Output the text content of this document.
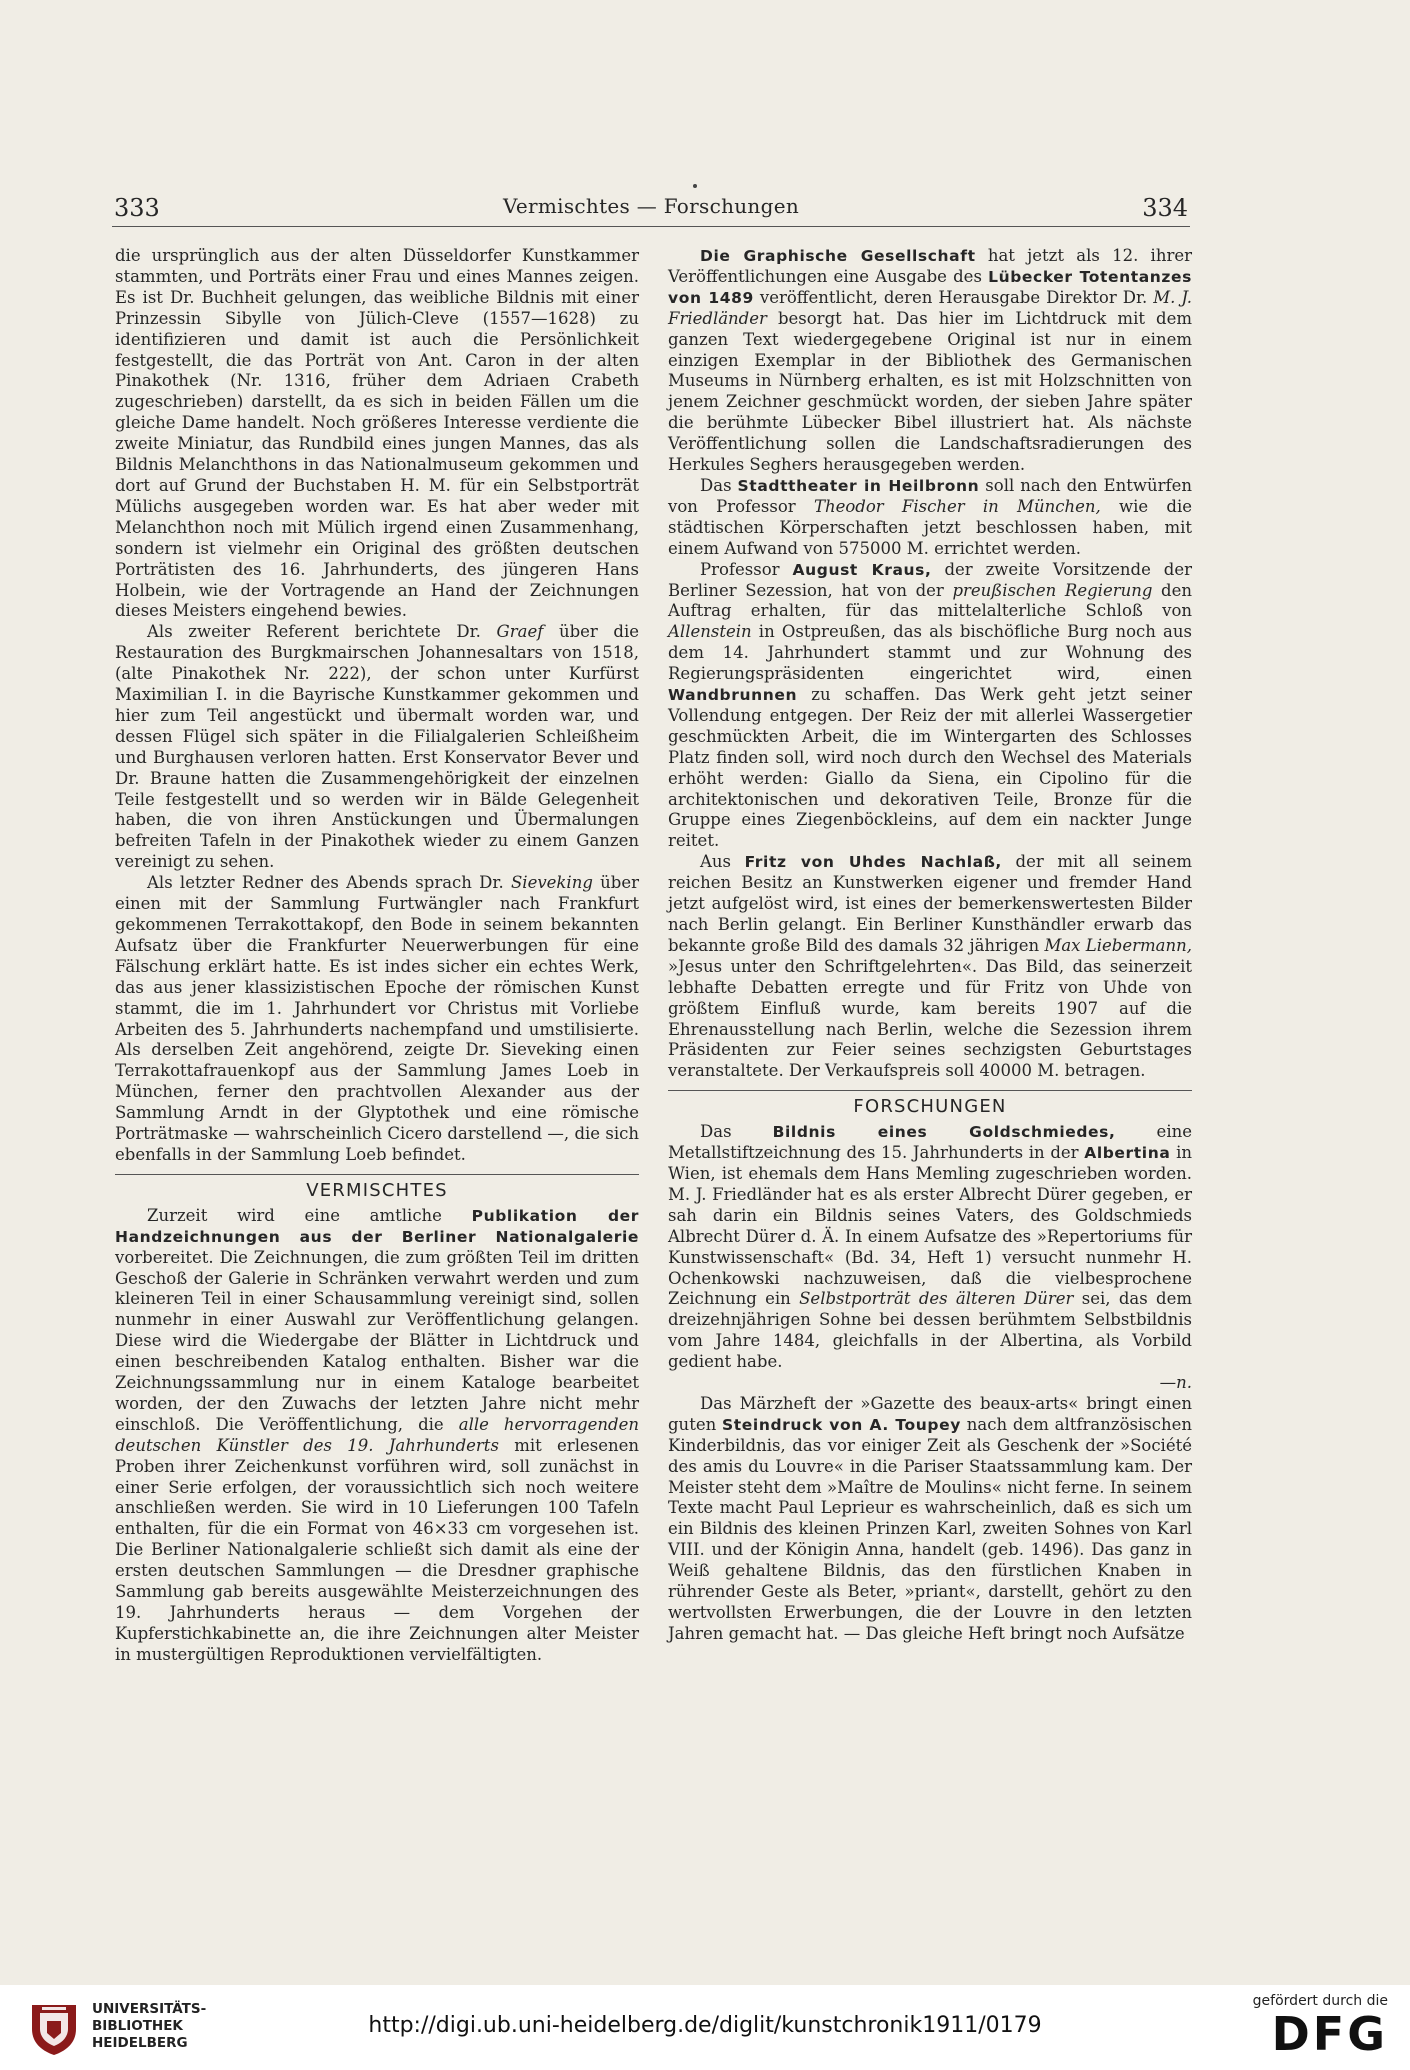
333	Vermischtes — Forschungen	334

die ursprünglich aus der alten Düsseldorfer Kunstkammer stammten, und Porträts einer Frau und eines Mannes zeigen. Es ist Dr. Buchheit gelungen, das weibliche Bildnis mit einer Prinzessin Sibylle von Jülich-Cleve (1557—1628) zu identifizieren und damit ist auch die Persönlichkeit festgestellt, die das Porträt von Ant. Caron in der alten Pinakothek (Nr. 1316, früher dem Adriaen Crabeth zugeschrieben) darstellt, da es sich in beiden Fällen um die gleiche Dame handelt. Noch größeres Interesse verdiente die zweite Miniatur, das Rundbild eines jungen Mannes, das als Bildnis Melanchthons in das Nationalmuseum gekommen und dort auf Grund der Buchstaben H. M. für ein Selbstporträt Mülichs ausgegeben worden war. Es hat aber weder mit Melanchthon noch mit Mülich irgend einen Zusammenhang, sondern ist vielmehr ein Original des größten deutschen Porträtisten des 16. Jahrhunderts, des jüngeren Hans Holbein, wie der Vortragende an Hand der Zeichnungen dieses Meisters eingehend bewies.

Als zweiter Referent berichtete Dr. Graef über die Restauration des Burgkmairschen Johannesaltars von 1518, (alte Pinakothek Nr. 222), der schon unter Kurfürst Maximilian I. in die Bayrische Kunstkammer gekommen und hier zum Teil angestückt und übermalt worden war, und dessen Flügel sich später in die Filialgalerien Schleißheim und Burghausen verloren hatten. Erst Konservator Bever und Dr. Braune hatten die Zusammengehörigkeit der einzelnen Teile festgestellt und so werden wir in Bälde Gelegenheit haben, die von ihren Anstückungen und Übermalungen befreiten Tafeln in der Pinakothek wieder zu einem Ganzen vereinigt zu sehen.

Als letzter Redner des Abends sprach Dr. Sieveking über einen mit der Sammlung Furtwängler nach Frankfurt gekommenen Terrakottakopf, den Bode in seinem bekannten Aufsatz über die Frankfurter Neuerwerbungen für eine Fälschung erklärt hatte. Es ist indes sicher ein echtes Werk, das aus jener klassizistischen Epoche der römischen Kunst stammt, die im 1. Jahrhundert vor Christus mit Vorliebe Arbeiten des 5. Jahrhunderts nachempfand und umstilisierte. Als derselben Zeit angehörend, zeigte Dr. Sieveking einen Terrakottafrauenkopf aus der Sammlung James Loeb in München, ferner den prachtvollen Alexander aus der Sammlung Arndt in der Glyptothek und eine römische Porträtmaske — wahrscheinlich Cicero darstellend —, die sich ebenfalls in der Sammlung Loeb befindet.

VERMISCHTES

Zurzeit wird eine amtliche Publikation der Handzeichnungen aus der Berliner Nationalgalerie vorbereitet. Die Zeichnungen, die zum größten Teil im dritten Geschoß der Galerie in Schränken verwahrt werden und zum kleineren Teil in einer Schausammlung vereinigt sind, sollen nunmehr in einer Auswahl zur Veröffentlichung gelangen. Diese wird die Wiedergabe der Blätter in Lichtdruck und einen beschreibenden Katalog enthalten. Bisher war die Zeichnungssammlung nur in einem Kataloge bearbeitet worden, der den Zuwachs der letzten Jahre nicht mehr einschloß. Die Veröffentlichung, die alle hervorragenden deutschen Künstler des 19. Jahrhunderts mit erlesenen Proben ihrer Zeichenkunst vorführen wird, soll zunächst in einer Serie erfolgen, der voraussichtlich sich noch weitere anschließen werden. Sie wird in 10 Lieferungen 100 Tafeln enthalten, für die ein Format von 46×33 cm vorgesehen ist. Die Berliner Nationalgalerie schließt sich damit als eine der ersten deutschen Sammlungen — die Dresdner graphische Sammlung gab bereits ausgewählte Meisterzeichnungen des 19. Jahrhunderts heraus — dem Vorgehen der Kupferstichkabinette an, die ihre Zeichnungen alter Meister in mustergültigen Reproduktionen vervielfältigten.

Die Graphische Gesellschaft hat jetzt als 12. ihrer Veröffentlichungen eine Ausgabe des Lübecker Totentanzes von 1489 veröffentlicht, deren Herausgabe Direktor Dr. M. J. Friedländer besorgt hat. Das hier im Lichtdruck mit dem ganzen Text wiedergegebene Original ist nur in einem einzigen Exemplar in der Bibliothek des Germanischen Museums in Nürnberg erhalten, es ist mit Holzschnitten von jenem Zeichner geschmückt worden, der sieben Jahre später die berühmte Lübecker Bibel illustriert hat. Als nächste Veröffentlichung sollen die Landschaftsradierungen des Herkules Seghers herausgegeben werden.

Das Stadttheater in Heilbronn soll nach den Entwürfen von Professor Theodor Fischer in München, wie die städtischen Körperschaften jetzt beschlossen haben, mit einem Aufwand von 575000 M. errichtet werden.

Professor August Kraus, der zweite Vorsitzende der Berliner Sezession, hat von der preußischen Regierung den Auftrag erhalten, für das mittelalterliche Schloß von Allenstein in Ostpreußen, das als bischöfliche Burg noch aus dem 14. Jahrhundert stammt und zur Wohnung des Regierungspräsidenten eingerichtet wird, einen Wandbrunnen zu schaffen. Das Werk geht jetzt seiner Vollendung entgegen. Der Reiz der mit allerlei Wassergetier geschmückten Arbeit, die im Wintergarten des Schlosses Platz finden soll, wird noch durch den Wechsel des Materials erhöht werden: Giallo da Siena, ein Cipolino für die architektonischen und dekorativen Teile, Bronze für die Gruppe eines Ziegenböckleins, auf dem ein nackter Junge reitet.

Aus Fritz von Uhdes Nachlaß, der mit all seinem reichen Besitz an Kunstwerken eigener und fremder Hand jetzt aufgelöst wird, ist eines der bemerkenswertesten Bilder nach Berlin gelangt. Ein Berliner Kunsthändler erwarb das bekannte große Bild des damals 32 jährigen Max Liebermann, »Jesus unter den Schriftgelehrten«. Das Bild, das seinerzeit lebhafte Debatten erregte und für Fritz von Uhde von größtem Einfluß wurde, kam bereits 1907 auf die Ehrenausstellung nach Berlin, welche die Sezession ihrem Präsidenten zur Feier seines sechzigsten Geburtstages veranstaltete. Der Verkaufspreis soll 40000 M. betragen.

FORSCHUNGEN

Das Bildnis eines Goldschmiedes, eine Metallstiftzeichnung des 15. Jahrhunderts in der Albertina in Wien, ist ehemals dem Hans Memling zugeschrieben worden. M. J. Friedländer hat es als erster Albrecht Dürer gegeben, er sah darin ein Bildnis seines Vaters, des Goldschmieds Albrecht Dürer d. Ä. In einem Aufsatze des »Repertoriums für Kunstwissenschaft« (Bd. 34, Heft 1) versucht nunmehr H. Ochenkowski nachzuweisen, daß die vielbesprochene Zeichnung ein Selbstporträt des älteren Dürer sei, das dem dreizehnjährigen Sohne bei dessen berühmtem Selbstbildnis vom Jahre 1484, gleichfalls in der Albertina, als Vorbild gedient habe.

—n.

Das Märzheft der »Gazette des beaux-arts« bringt einen guten Steindruck von A. Toupey nach dem altfranzösischen Kinderbildnis, das vor einiger Zeit als Geschenk der »Société des amis du Louvre« in die Pariser Staatssammlung kam. Der Meister steht dem »Maître de Moulins« nicht ferne. In seinem Texte macht Paul Leprieur es wahrscheinlich, daß es sich um ein Bildnis des kleinen Prinzen Karl, zweiten Sohnes von Karl VIII. und der Königin Anna, handelt (geb. 1496). Das ganz in Weiß gehaltene Bildnis, das den fürstlichen Knaben in rührender Geste als Beter, »priant«, darstellt, gehört zu den wertvollsten Erwerbungen, die der Louvre in den letzten Jahren gemacht hat. — Das gleiche Heft bringt noch Aufsätze

UNIVERSITÄTS-
BIBLIOTHEK
HEIDELBERG
http://digi.ub.uni-heidelberg.de/diglit/kunstchronik1911/0179
gefördert durch die
DFG
